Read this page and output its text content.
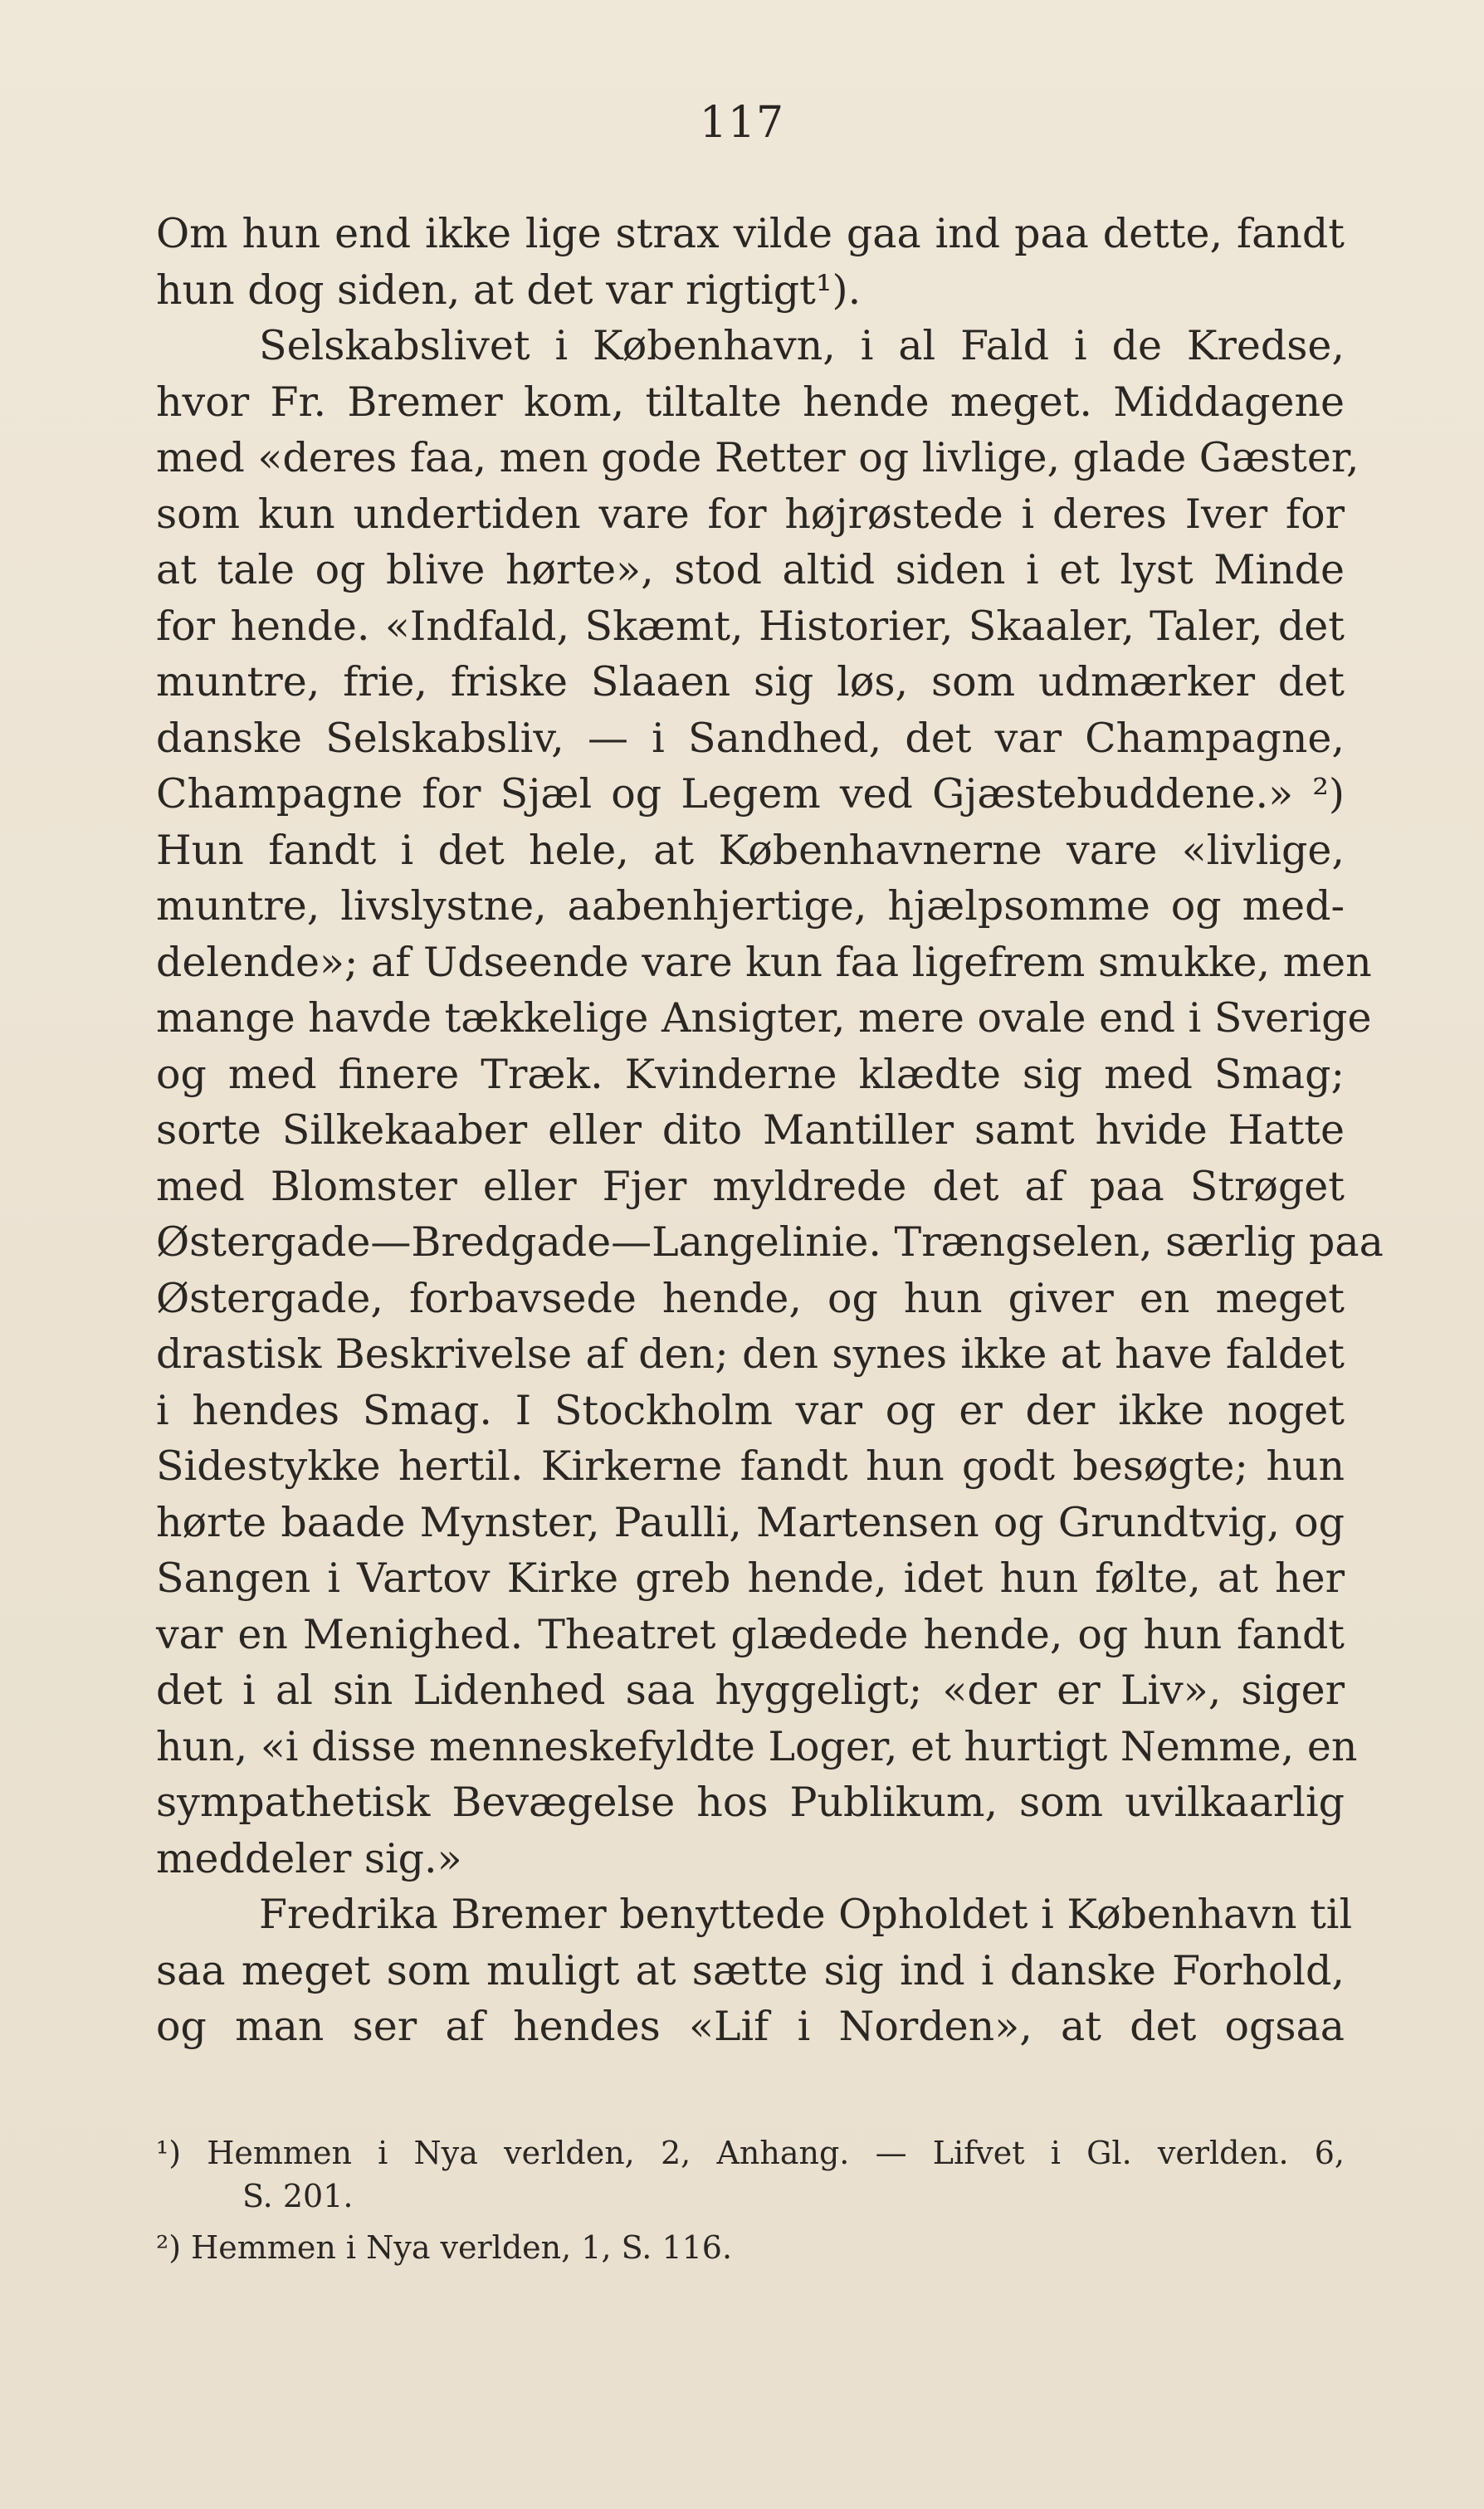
117
Om hun end ikke lige strax vilde gaa ind paa dette, fandt
hun dog siden, at det var rigtigt¹).
Selskabslivet i København, i al Fald i de Kredse,
hvor Fr. Bremer kom, tiltalte hende meget. Middagene
med «deres faa, men gode Retter og livlige, glade Gæster,
som kun undertiden vare for højrøstede i deres Iver for
at tale og blive hørte», stod altid siden i et lyst Minde
for hende. «Indfald, Skæmt, Historier, Skaaler, Taler, det
muntre, frie, friske Slaaen sig løs, som udmærker det
danske Selskabsliv, — i Sandhed, det var Champagne,
Champagne for Sjæl og Legem ved Gjæstebuddene.» ²)
Hun fandt i det hele, at Københavnerne vare «livlige,
muntre, livslystne, aabenhjertige, hjælpsomme og med-
delende»; af Udseende vare kun faa ligefrem smukke, men
mange havde tækkelige Ansigter, mere ovale end i Sverige
og med finere Træk. Kvinderne klædte sig med Smag;
sorte Silkekaaber eller dito Mantiller samt hvide Hatte
med Blomster eller Fjer myldrede det af paa Strøget
Østergade—Bredgade—Langelinie. Trængselen, særlig paa
Østergade, forbavsede hende, og hun giver en meget
drastisk Beskrivelse af den; den synes ikke at have faldet
i hendes Smag. I Stockholm var og er der ikke noget
Sidestykke hertil. Kirkerne fandt hun godt besøgte; hun
hørte baade Mynster, Paulli, Martensen og Grundtvig, og
Sangen i Vartov Kirke greb hende, idet hun følte, at her
var en Menighed. Theatret glædede hende, og hun fandt
det i al sin Lidenhed saa hyggeligt; «der er Liv», siger
hun, «i disse menneskefyldte Loger, et hurtigt Nemme, en
sympathetisk Bevægelse hos Publikum, som uvilkaarlig
meddeler sig.»
Fredrika Bremer benyttede Opholdet i København til
saa meget som muligt at sætte sig ind i danske Forhold,
og man ser af hendes «Lif i Norden», at det ogsaa
¹) Hemmen i Nya verlden, 2, Anhang. — Lifvet i Gl. verlden. 6,
S. 201.
²) Hemmen i Nya verlden, 1, S. 116.
